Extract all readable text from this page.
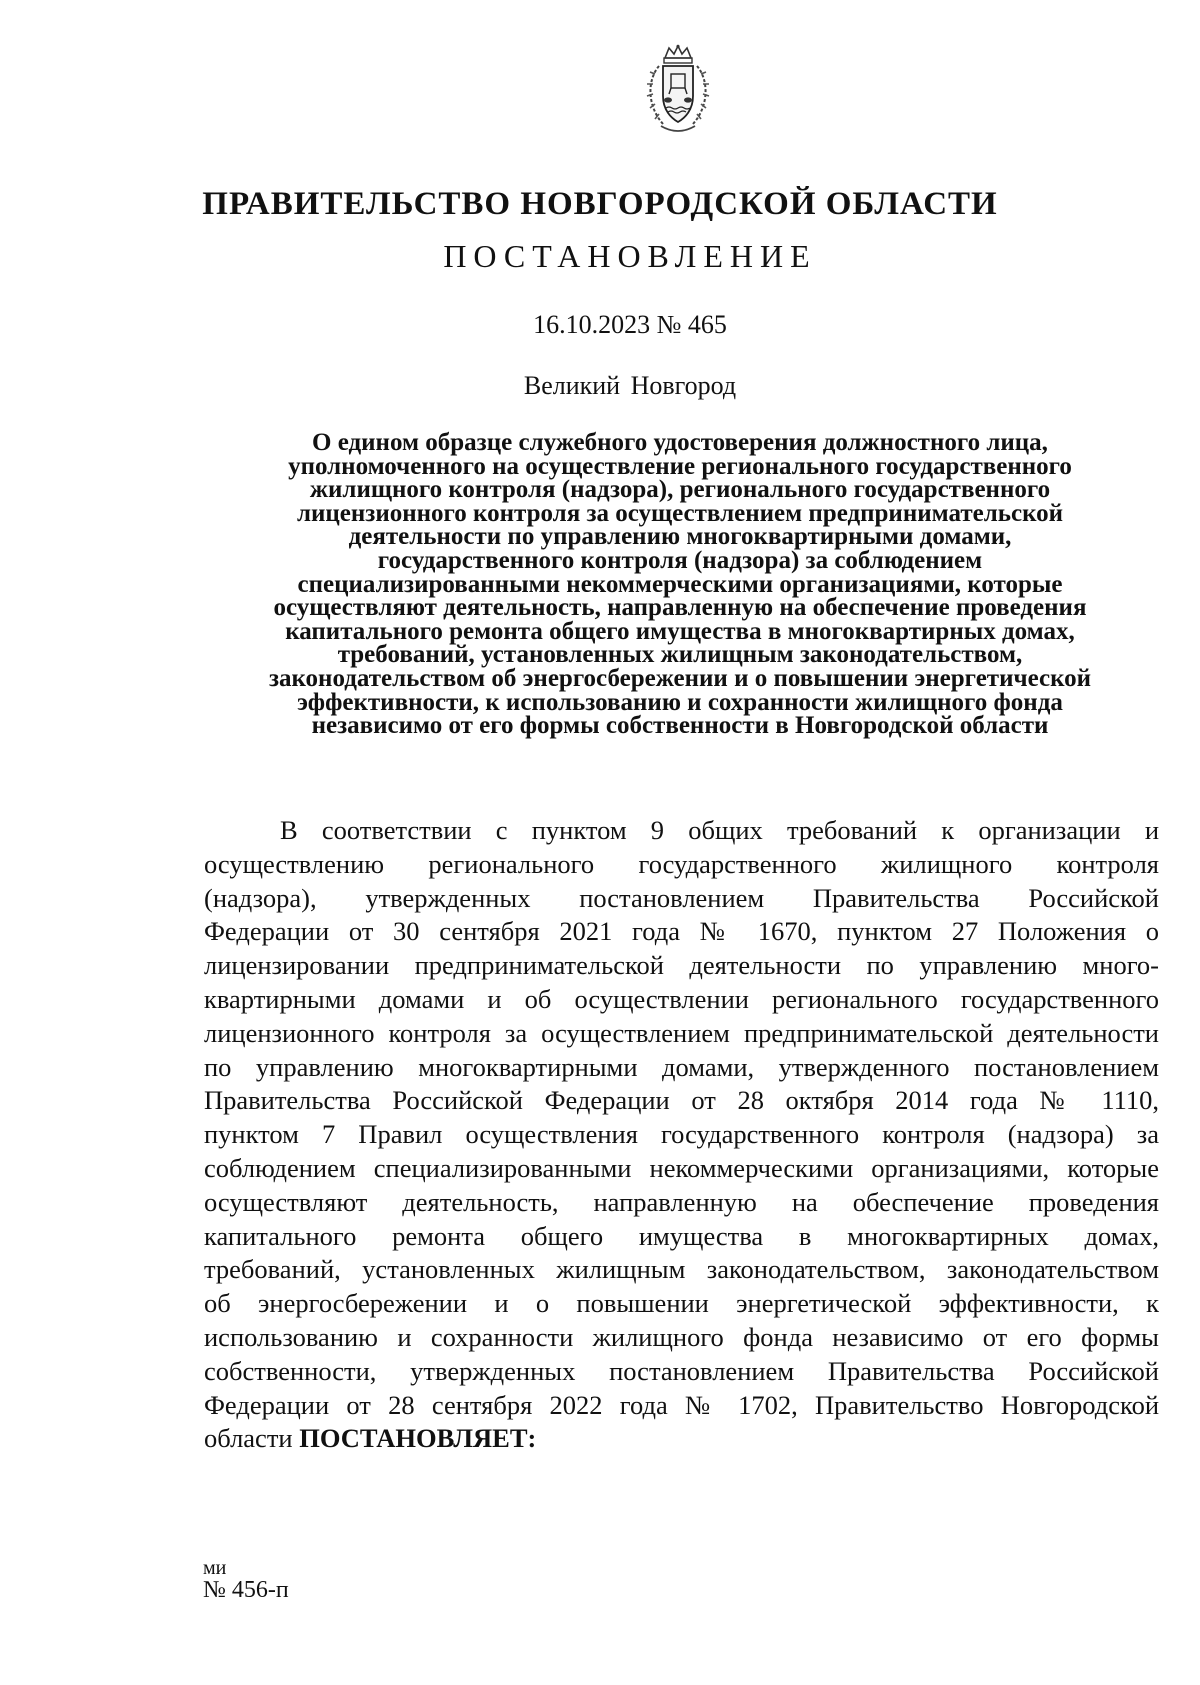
ПРАВИТЕЛЬСТВО НОВГОРОДСКОЙ ОБЛАСТИ
ПОСТАНОВЛЕНИЕ
16.10.2023 № 465
Великий Новгород
О едином образце служебного удостоверения должностного лица,
уполномоченного на осуществление регионального государственного
жилищного контроля (надзора), регионального государственного
лицензионного контроля за осуществлением предпринимательской
деятельности по управлению многоквартирными домами,
государственного контроля (надзора) за соблюдением
специализированными некоммерческими организациями, которые
осуществляют деятельность, направленную на обеспечение проведения
капитального ремонта общего имущества в многоквартирных домах,
требований, установленных жилищным законодательством,
законодательством об энергосбережении и о повышении энергетической
эффективности, к использованию и сохранности жилищного фонда
независимо от его формы собственности в Новгородской области

В соответствии с пунктом 9 общих требований к организации и
осуществлению регионального государственного жилищного контроля
(надзора), утвержденных постановлением Правительства Российской
Федерации от 30 сентября 2021 года № 1670, пунктом 27 Положения о
лицензировании предпринимательской деятельности по управлению много-
квартирными домами и об осуществлении регионального государственного
лицензионного контроля за осуществлением предпринимательской деятельности
по управлению многоквартирными домами, утвержденного постановлением
Правительства Российской Федерации от 28 октября 2014 года № 1110,
пунктом 7 Правил осуществления государственного контроля (надзора) за
соблюдением специализированными некоммерческими организациями, которые
осуществляют деятельность, направленную на обеспечение проведения
капитального ремонта общего имущества в многоквартирных домах,
требований, установленных жилищным законодательством, законодательством
об энергосбережении и о повышении энергетической эффективности, к
использованию и сохранности жилищного фонда независимо от его формы
собственности, утвержденных постановлением Правительства Российской
Федерации от 28 сентября 2022 года № 1702, Правительство Новгородской
области ПОСТАНОВЛЯЕТ:

ми
№ 456-п
